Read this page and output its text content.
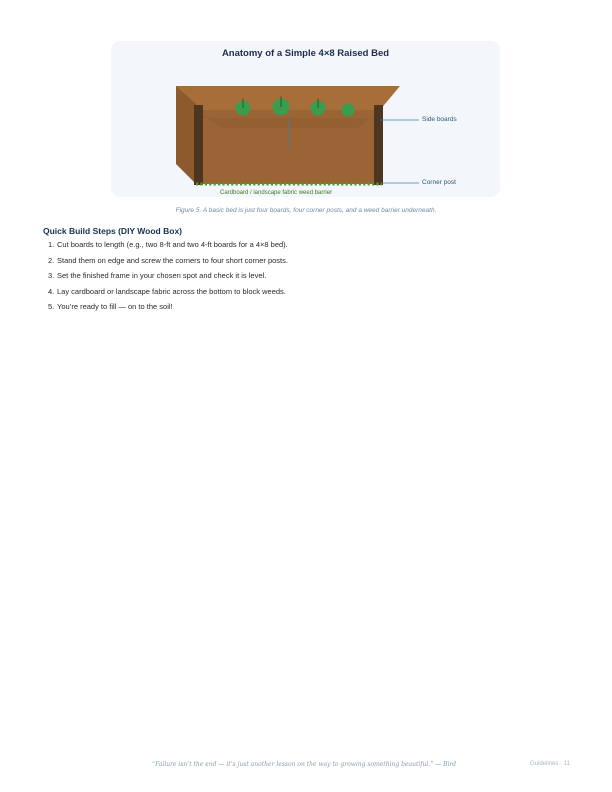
Anatomy of a Simple 4×8 Raised Bed
Side boards
Corner post
Cardboard / landscape fabric weed barrier
Figure 5. A basic bed is just four boards, four corner posts, and a weed barrier underneath.
Quick Build Steps (DIY Wood Box)
1. Cut boards to length (e.g., two 8-ft and two 4-ft boards for a 4×8 bed).
2. Stand them on edge and screw the corners to four short corner posts.
3. Set the finished frame in your chosen spot and check it is level.
4. Lay cardboard or landscape fabric across the bottom to block weeds.
5. You’re ready to fill — on to the soil!
“Failure isn’t the end — it’s just another lesson on the way to growing something beautiful.” — Bird	Guidelines · 11
